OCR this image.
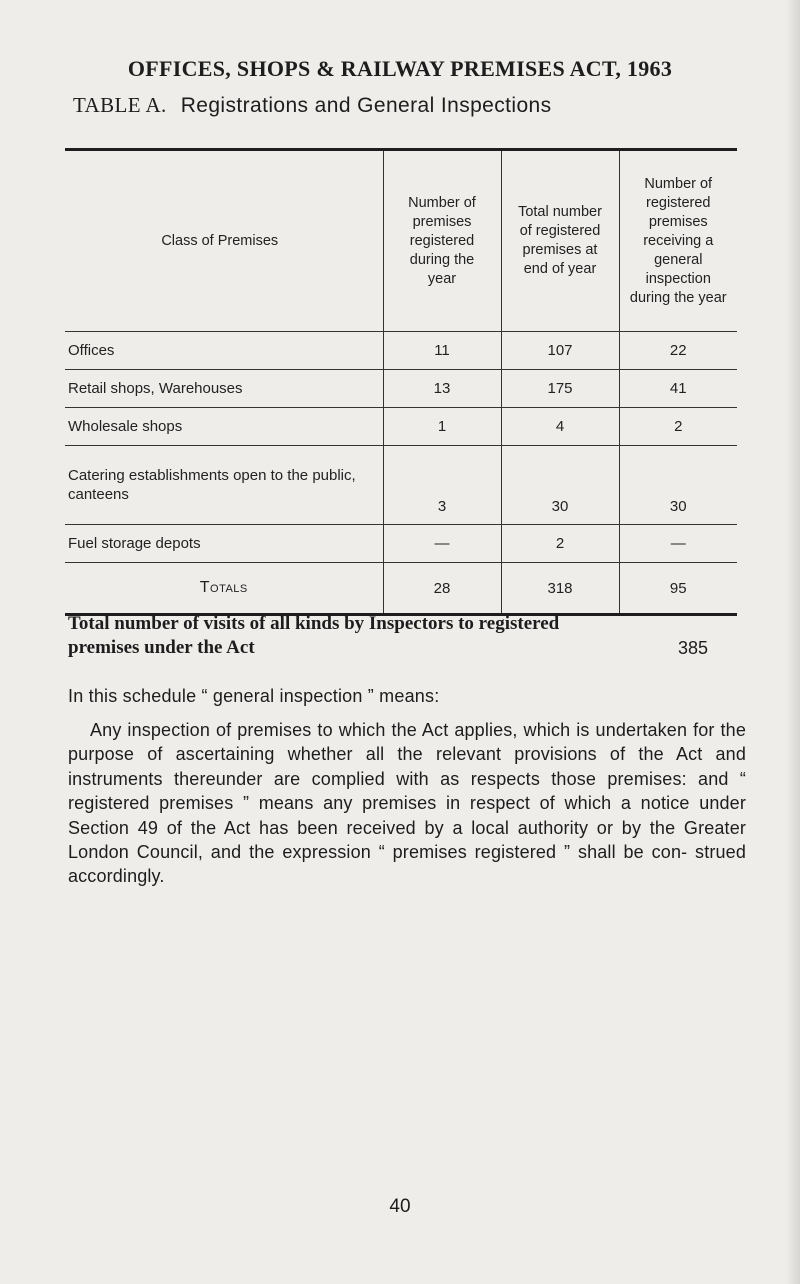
OFFICES, SHOPS & RAILWAY PREMISES ACT, 1963
TABLE A. Registrations and General Inspections
Class of Premises	Number of premises registered during the year	Total number of registered premises at end of year	Number of registered premises receiving a general inspection during the year

Offices	11	107	22
Retail shops, Warehouses	13	175	41
Wholesale shops	1	4	2

Catering establishments open to the public, canteens	3	30	30
Fuel storage depots	—	2	—
Totals	28	318	95
Total number of visits of all kinds by Inspectors to registered premises under the Act	385
In this schedule “ general inspection ” means:
Any inspection of premises to which the Act applies, which is undertaken for the purpose of ascertaining whether all the relevant provisions of the Act and instruments thereunder are complied with as respects those premises: and “ registered premises ” means any premises in respect of which a notice under Section 49 of the Act has been received by a local authority or by the Greater London Council, and the expression “ premises registered ” shall be con- strued accordingly.
40
